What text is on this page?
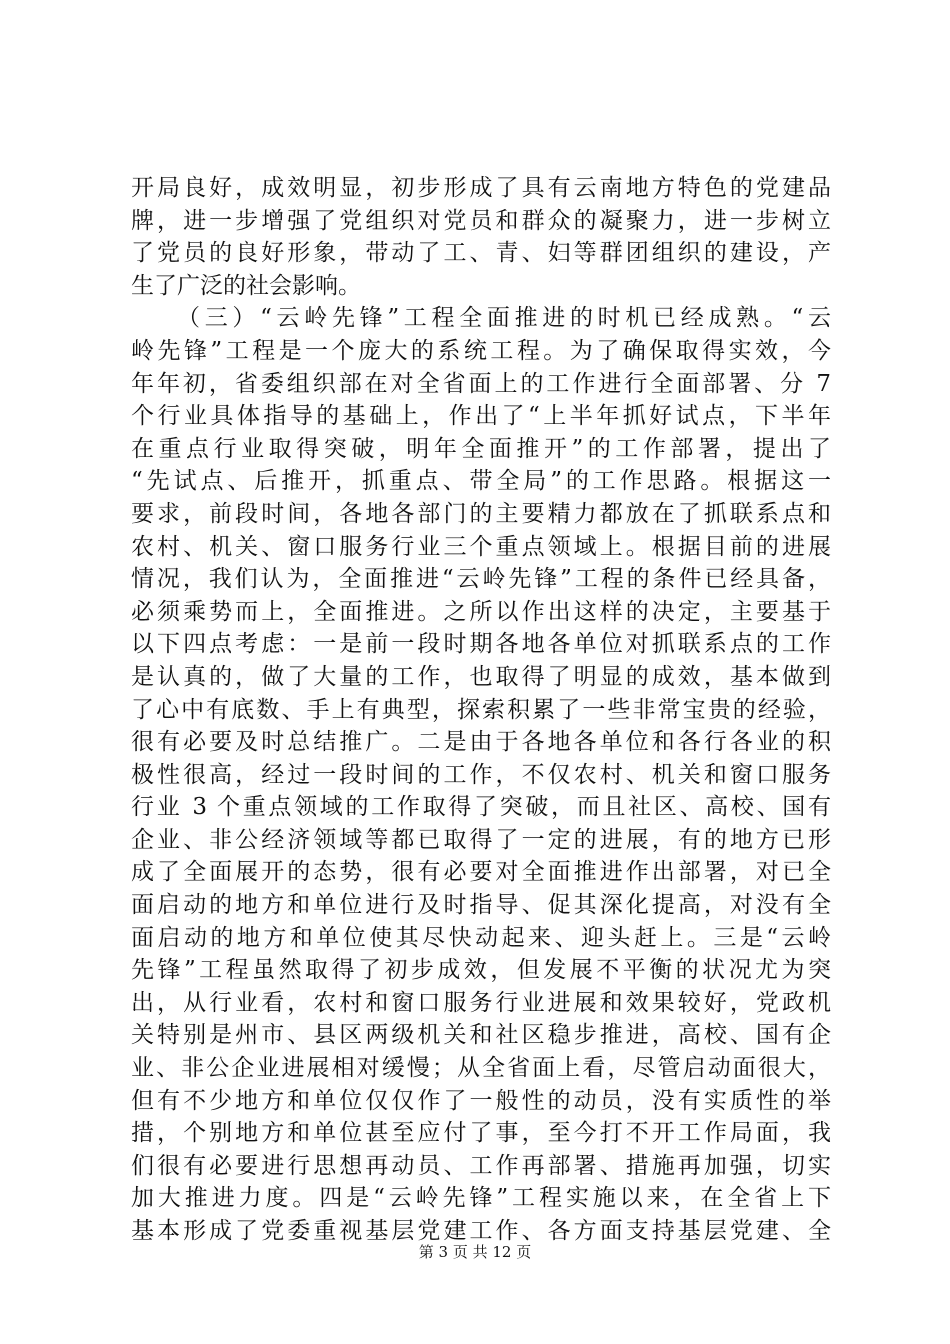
开局良好，成效明显，初步形成了具有云南地方特色的党建品
牌，进一步增强了党组织对党员和群众的凝聚力，进一步树立
了党员的良好形象，带动了工、青、妇等群团组织的建设，产
生了广泛的社会影响。
（三）“云岭先锋”工程全面推进的时机已经成熟。“云
岭先锋”工程是一个庞大的系统工程。为了确保取得实效，今
年年初，省委组织部在对全省面上的工作进行全面部署、分 7
个行业具体指导的基础上，作出了“上半年抓好试点，下半年
在重点行业取得突破，明年全面推开”的工作部署，提出了
“先试点、后推开，抓重点、带全局”的工作思路。根据这一
要求，前段时间，各地各部门的主要精力都放在了抓联系点和
农村、机关、窗口服务行业三个重点领域上。根据目前的进展
情况，我们认为，全面推进“云岭先锋”工程的条件已经具备，
必须乘势而上，全面推进。之所以作出这样的决定，主要基于
以下四点考虑：一是前一段时期各地各单位对抓联系点的工作
是认真的，做了大量的工作，也取得了明显的成效，基本做到
了心中有底数、手上有典型，探索积累了一些非常宝贵的经验，
很有必要及时总结推广。二是由于各地各单位和各行各业的积
极性很高，经过一段时间的工作，不仅农村、机关和窗口服务
行业 3 个重点领域的工作取得了突破，而且社区、高校、国有
企业、非公经济领域等都已取得了一定的进展，有的地方已形
成了全面展开的态势，很有必要对全面推进作出部署，对已全
面启动的地方和单位进行及时指导、促其深化提高，对没有全
面启动的地方和单位使其尽快动起来、迎头赶上。三是“云岭
先锋”工程虽然取得了初步成效，但发展不平衡的状况尤为突
出，从行业看，农村和窗口服务行业进展和效果较好，党政机
关特别是州市、县区两级机关和社区稳步推进，高校、国有企
业、非公企业进展相对缓慢；从全省面上看，尽管启动面很大，
但有不少地方和单位仅仅作了一般性的动员，没有实质性的举
措，个别地方和单位甚至应付了事，至今打不开工作局面，我
们很有必要进行思想再动员、工作再部署、措施再加强，切实
加大推进力度。四是“云岭先锋”工程实施以来，在全省上下
基本形成了党委重视基层党建工作、各方面支持基层党建、全
第 3 页 共 12 页
